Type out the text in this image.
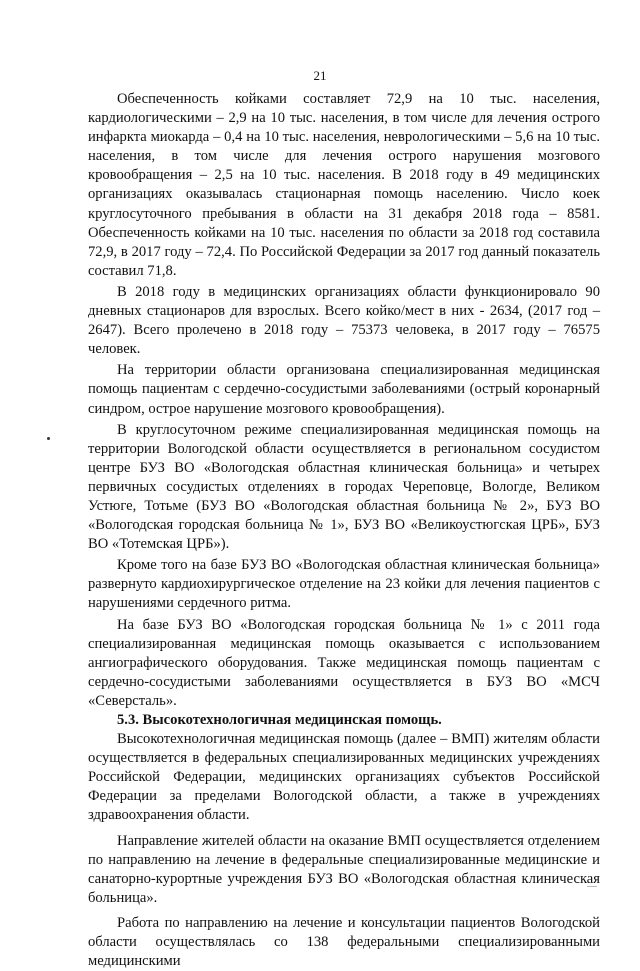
21

Обеспеченность койками составляет 72,9 на 10 тыс. населения, кардиологическими – 2,9 на 10 тыс. населения, в том числе для лечения острого инфаркта миокарда – 0,4 на 10 тыс. населения, неврологическими – 5,6 на 10 тыс. населения, в том числе для лечения острого нарушения мозгового кровообращения – 2,5 на 10 тыс. населения. В 2018 году в 49 медицинских организациях оказывалась стационарная помощь населению. Число коек круглосуточного пребывания в области на 31 декабря 2018 года – 8581. Обеспеченность койками на 10 тыс. населения по области за 2018 год составила 72,9, в 2017 году – 72,4. По Российской Федерации за 2017 год данный показатель составил 71,8.

В 2018 году в медицинских организациях области функционировало 90 дневных стационаров для взрослых. Всего койко/мест в них - 2634, (2017 год – 2647). Всего пролечено в 2018 году – 75373 человека, в 2017 году – 76575 человек.

На территории области организована специализированная медицинская помощь пациентам с сердечно-сосудистыми заболеваниями (острый коронарный синдром, острое нарушение мозгового кровообращения).

В круглосуточном режиме специализированная медицинская помощь на территории Вологодской области осуществляется в региональном сосудистом центре БУЗ ВО «Вологодская областная клиническая больница» и четырех первичных сосудистых отделениях в городах Череповце, Вологде, Великом Устюге, Тотьме (БУЗ ВО «Вологодская областная больница № 2», БУЗ ВО «Вологодская городская больница № 1», БУЗ ВО «Великоустюгская ЦРБ», БУЗ ВО «Тотемская ЦРБ»).

Кроме того на базе БУЗ ВО «Вологодская областная клиническая больница» развернуто кардиохирургическое отделение на 23 койки для лечения пациентов с нарушениями сердечного ритма.

На базе БУЗ ВО «Вологодская городская больница № 1» с 2011 года специализированная медицинская помощь оказывается с использованием ангиографического оборудования. Также медицинская помощь пациентам с сердечно-сосудистыми заболеваниями осуществляется в БУЗ ВО «МСЧ «Северсталь».

5.3. Высокотехнологичная медицинская помощь.

Высокотехнологичная медицинская помощь (далее – ВМП) жителям области осуществляется в федеральных специализированных медицинских учреждениях Российской Федерации, медицинских организациях субъектов Российской Федерации за пределами Вологодской области, а также в учреждениях здравоохранения области.

Направление жителей области на оказание ВМП осуществляется отделением по направлению на лечение в федеральные специализированные медицинские и санаторно-курортные учреждения БУЗ ВО «Вологодская областная клиническая больница».

Работа по направлению на лечение и консультации пациентов Вологодской области осуществлялась со 138 федеральными специализированными медицинскими
